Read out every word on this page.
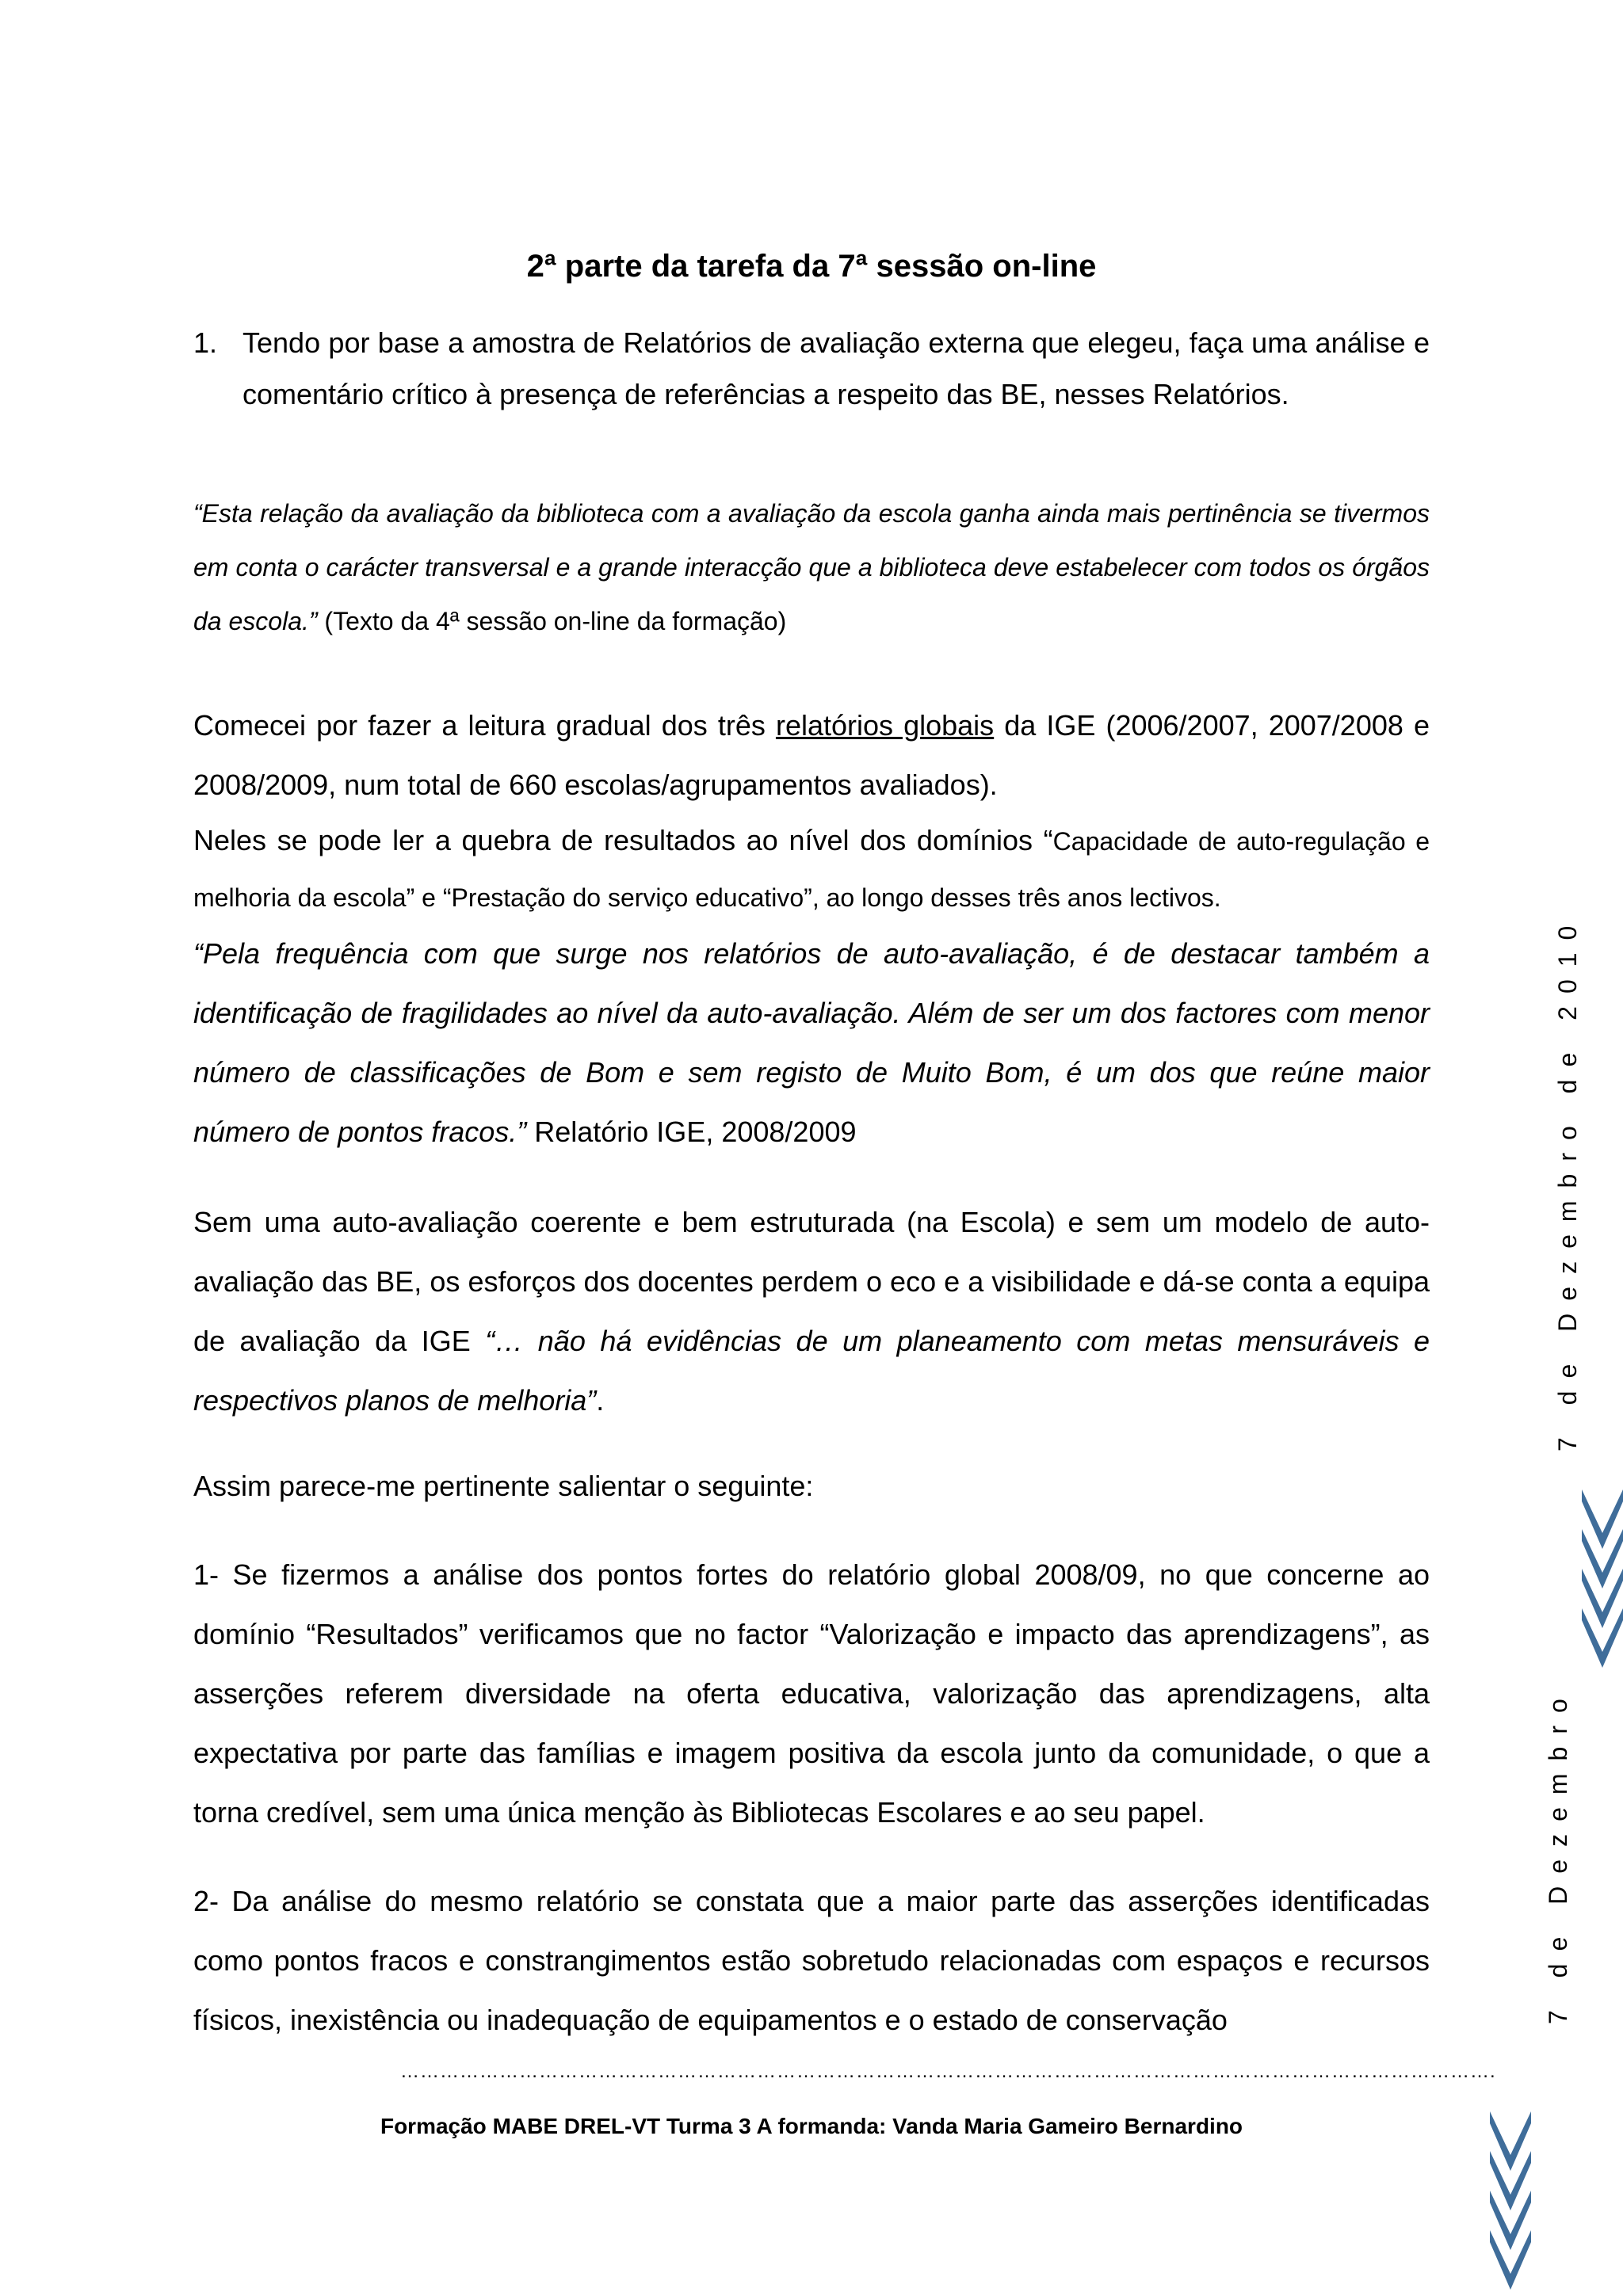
2ª parte da tarefa da 7ª sessão on-line
1. Tendo por base a amostra de Relatórios de avaliação externa que elegeu, faça uma análise e comentário crítico à presença de referências a respeito das BE, nesses Relatórios.

“Esta relação da avaliação da biblioteca com a avaliação da escola ganha ainda mais pertinência se tivermos em conta o carácter transversal e a grande interacção que a biblioteca deve estabelecer com todos os órgãos da escola.” (Texto da 4ª sessão on-line da formação)

Comecei por fazer a leitura gradual dos três relatórios globais da IGE (2006/2007, 2007/2008 e 2008/2009, num total de 660 escolas/agrupamentos avaliados).

Neles se pode ler a quebra de resultados ao nível dos domínios “Capacidade de auto-regulação e melhoria da escola” e “Prestação do serviço educativo”, ao longo desses três anos lectivos.

“Pela frequência com que surge nos relatórios de auto-avaliação, é de destacar também a identificação de fragilidades ao nível da auto-avaliação. Além de ser um dos factores com menor número de classificações de Bom e sem registo de Muito Bom, é um dos que reúne maior número de pontos fracos.” Relatório IGE, 2008/2009

Sem uma auto-avaliação coerente e bem estruturada (na Escola) e sem um modelo de auto-avaliação das BE, os esforços dos docentes perdem o eco e a visibilidade e dá-se conta a equipa de avaliação da IGE “… não há evidências de um planeamento com metas mensuráveis e respectivos planos de melhoria”.

Assim parece-me pertinente salientar o seguinte:

1- Se fizermos a análise dos pontos fortes do relatório global 2008/09, no que concerne ao domínio “Resultados” verificamos que no factor “Valorização e impacto das aprendizagens”, as asserções referem diversidade na oferta educativa, valorização das aprendizagens, alta expectativa por parte das famílias e imagem positiva da escola junto da comunidade, o que a torna credível, sem uma única menção às Bibliotecas Escolares e ao seu papel.

2- Da análise do mesmo relatório se constata que a maior parte das asserções identificadas como pontos fracos e constrangimentos estão sobretudo relacionadas com espaços e recursos físicos, inexistência ou inadequação de equipamentos e o estado de conservação

………………………………………………………………………………………………………………………………………………….
Formação MABE DREL-VT Turma 3 A formanda: Vanda Maria Gameiro Bernardino
7 de Dezembro de 2010
7 de Dezembro
